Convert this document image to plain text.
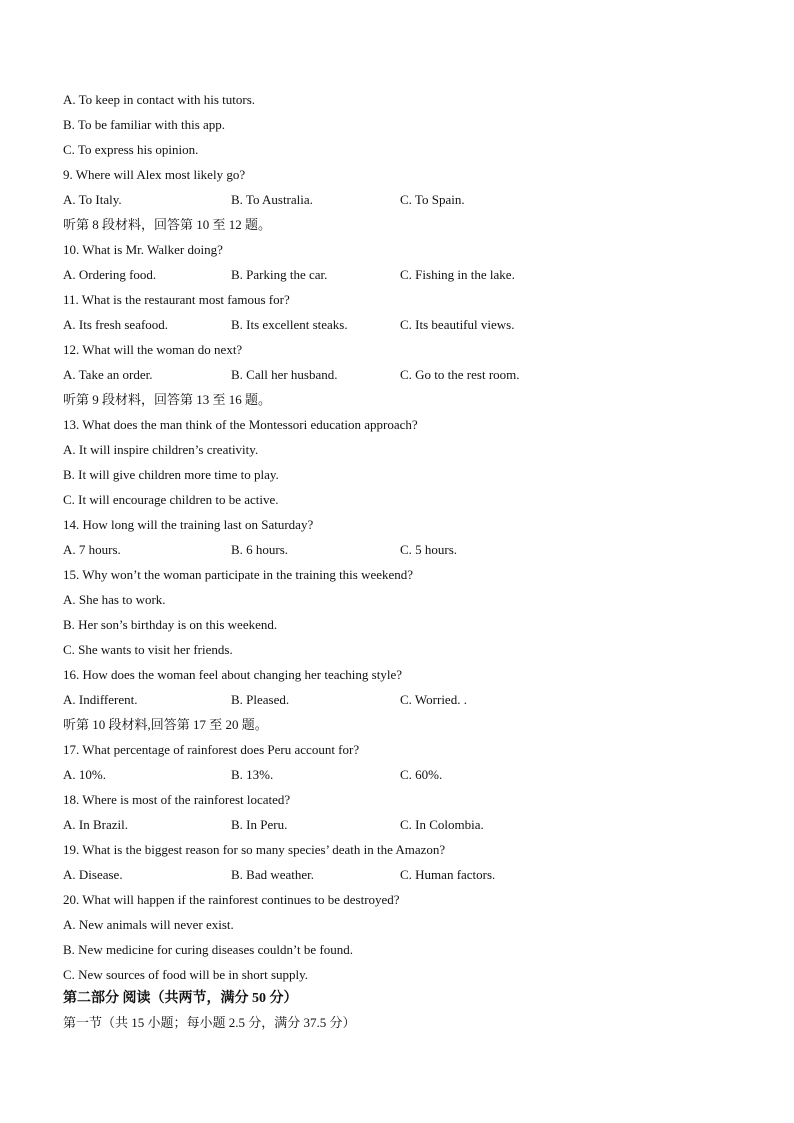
A. To keep in contact with his tutors.
B. To be familiar with this app.
C. To express his opinion.
9. Where will Alex most likely go?
A. To Italy.	B. To Australia.	C. To Spain.
听第 8 段材料，回答第 10 至 12 题。
10. What is Mr. Walker doing?
A. Ordering food.	B. Parking the car.	C. Fishing in the lake.
11. What is the restaurant most famous for?
A. Its fresh seafood.	B. Its excellent steaks.	C. Its beautiful views.
12. What will the woman do next?
A. Take an order.	B. Call her husband.	C. Go to the rest room.
听第 9 段材料，回答第 13 至 16 题。
13. What does the man think of the Montessori education approach?
A. It will inspire children’s creativity.
B. It will give children more time to play.
C. It will encourage children to be active.
14. How long will the training last on Saturday?
A. 7 hours.	B. 6 hours.	C. 5 hours.
15. Why won’t the woman participate in the training this weekend?
A. She has to work.
B. Her son’s birthday is on this weekend.
C. She wants to visit her friends.
16. How does the woman feel about changing her teaching style?
A. Indifferent.	B. Pleased.	C. Worried. .
听第 10 段材料,回答第 17 至 20 题。
17. What percentage of rainforest does Peru account for?
A. 10%.	B. 13%.	C. 60%.
18. Where is most of the rainforest located?
A. In Brazil.	B. In Peru.	C. In Colombia.
19. What is the biggest reason for so many species’ death in the Amazon?
A. Disease.	B. Bad weather.	C. Human factors.
20. What will happen if the rainforest continues to be destroyed?
A. New animals will never exist.
B. New medicine for curing diseases couldn’t be found.
C. New sources of food will be in short supply.
第二部分 阅读（共两节，满分 50 分）
第一节（共 15 小题；每小题 2.5 分，满分 37.5 分）
